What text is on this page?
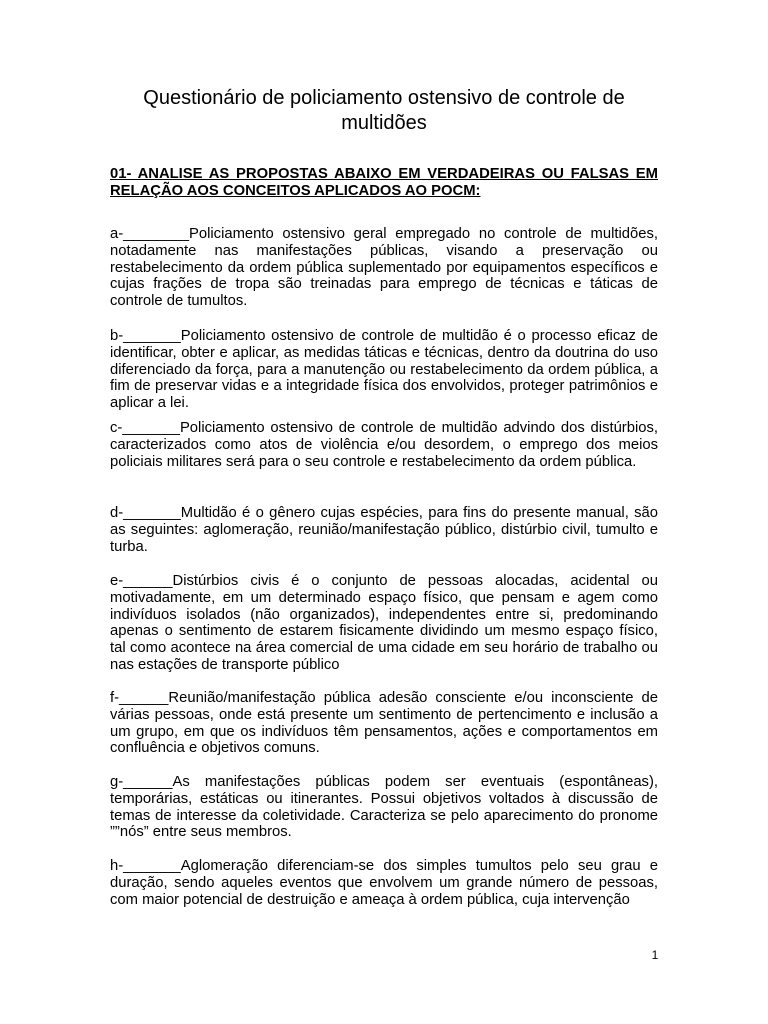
Questionário de policiamento ostensivo de controle de multidões

01- ANALISE AS PROPOSTAS ABAIXO EM VERDADEIRAS OU FALSAS EM RELAÇÃO AOS CONCEITOS APLICADOS AO POCM:

a-________Policiamento ostensivo geral empregado no controle de multidões, notadamente nas manifestações públicas, visando a preservação ou restabelecimento da ordem pública suplementado por equipamentos específicos e cujas frações de tropa são treinadas para emprego de técnicas e táticas de controle de tumultos.

b-_______Policiamento ostensivo de controle de multidão é o processo eficaz de identificar, obter e aplicar, as medidas táticas e técnicas, dentro da doutrina do uso diferenciado da força, para a manutenção ou restabelecimento da ordem pública, a fim de preservar vidas e a integridade física dos envolvidos, proteger patrimônios e aplicar a lei.

c-_______Policiamento ostensivo de controle de multidão advindo dos distúrbios, caracterizados como atos de violência e/ou desordem, o emprego dos meios policiais militares será para o seu controle e restabelecimento da ordem pública.

d-_______Multidão é o gênero cujas espécies, para fins do presente manual, são as seguintes: aglomeração, reunião/manifestação público, distúrbio civil, tumulto e turba.

e-______Distúrbios civis é o conjunto de pessoas alocadas, acidental ou motivadamente, em um determinado espaço físico, que pensam e agem como indivíduos isolados (não organizados), independentes entre si, predominando apenas o sentimento de estarem fisicamente dividindo um mesmo espaço físico, tal como acontece na área comercial de uma cidade em seu horário de trabalho ou nas estações de transporte público

f-______Reunião/manifestação pública adesão consciente e/ou inconsciente de várias pessoas, onde está presente um sentimento de pertencimento e inclusão a um grupo, em que os indivíduos têm pensamentos, ações e comportamentos em confluência e objetivos comuns.

g-______As manifestações públicas podem ser eventuais (espontâneas), temporárias, estáticas ou itinerantes. Possui objetivos voltados à discussão de temas de interesse da coletividade. Caracteriza se pelo aparecimento do pronome ””nós” entre seus membros.

h-_______Aglomeração diferenciam-se dos simples tumultos pelo seu grau e duração, sendo aqueles eventos que envolvem um grande número de pessoas, com maior potencial de destruição e ameaça à ordem pública, cuja intervenção

1
